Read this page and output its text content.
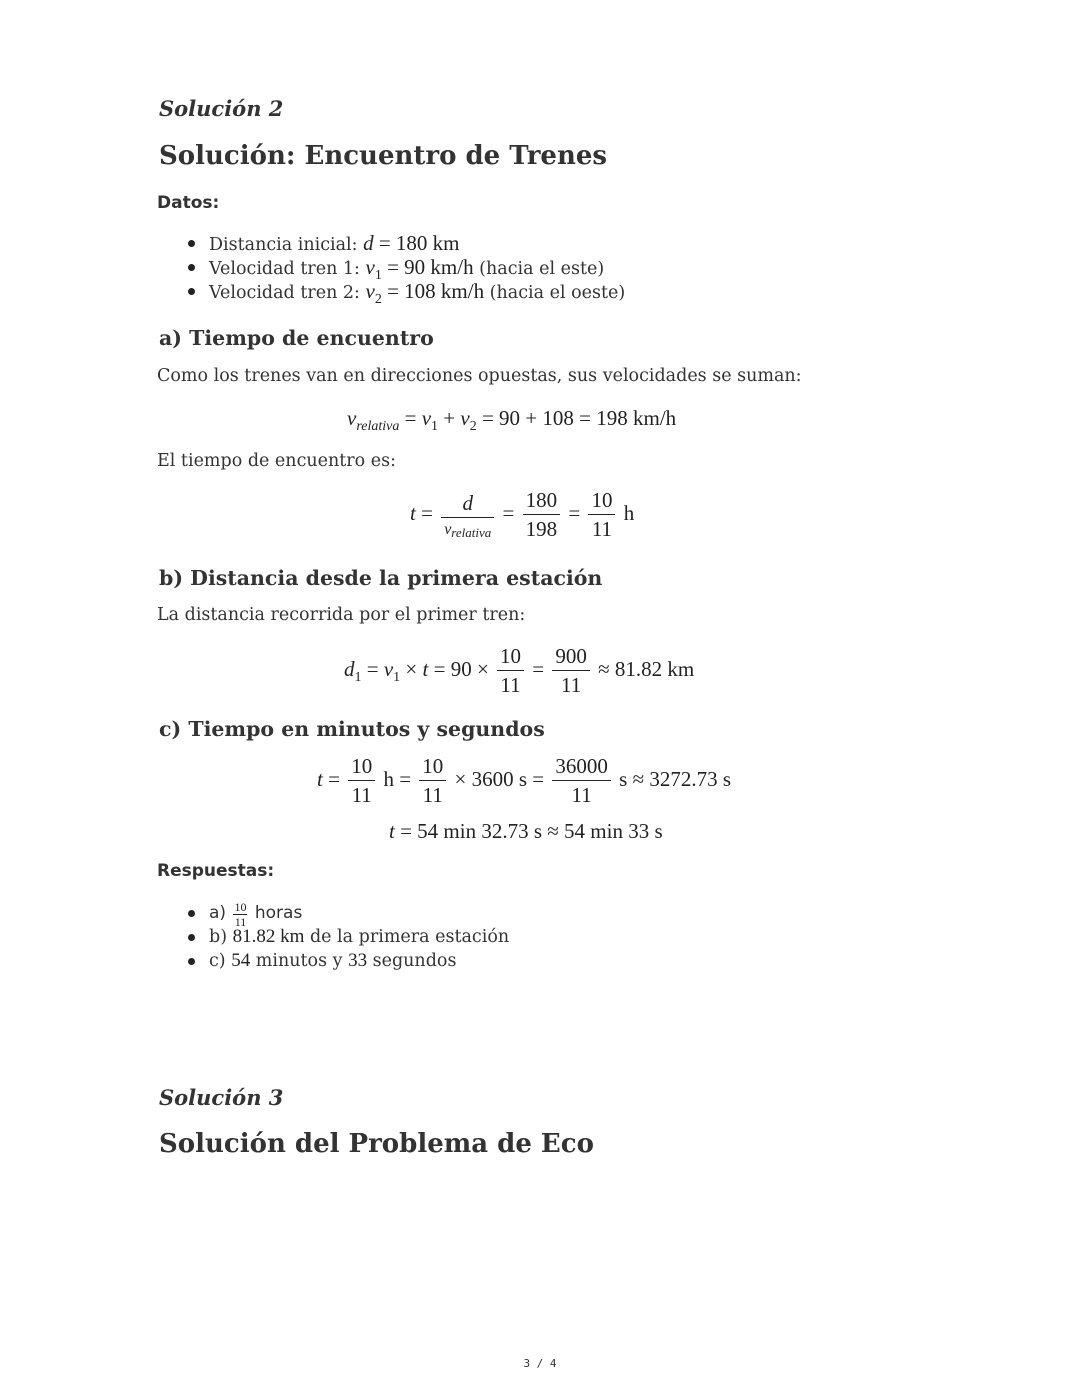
Solución 2
Solución: Encuentro de Trenes
Datos:
Distancia inicial: d = 180 km
Velocidad tren 1: $v_1 = 90$ km/h (hacia el este)
Velocidad tren 2: $v_2 = 108$ km/h (hacia el oeste)
a) Tiempo de encuentro
Como los trenes van en direcciones opuestas, sus velocidades se suman:
$v_{relativa} = v_1 + v_2 = 90 + 108 = 198$ km/h
El tiempo de encuentro es:
$t = \frac{d}{\text{vrelativa}} = \frac{180}{198} = \frac{10}{11}$ h
b) Distancia desde la primera estación
La distancia recorrida por el primer tren:
$d_1 = v_1 \times t = 90 \times \frac{10}{11} = \frac{900}{11} \approx 81.82$ km
c) Tiempo en minutos y segundos
$t = \frac{10}{11}$ $h = \frac{10}{11} \times 3600$ $s = \frac{36000}{11}$ s ≈ 3272.73 s
t = 54 min 32.73 s ≈ 54 min 33 s
Respuestas:
$a) \frac{10}{11}$ horas
b) 81.82 km de la primera estación
c) 54 minutos y 33 segundos
Solución 3
Solución del Problema de Eco
3 / 4
